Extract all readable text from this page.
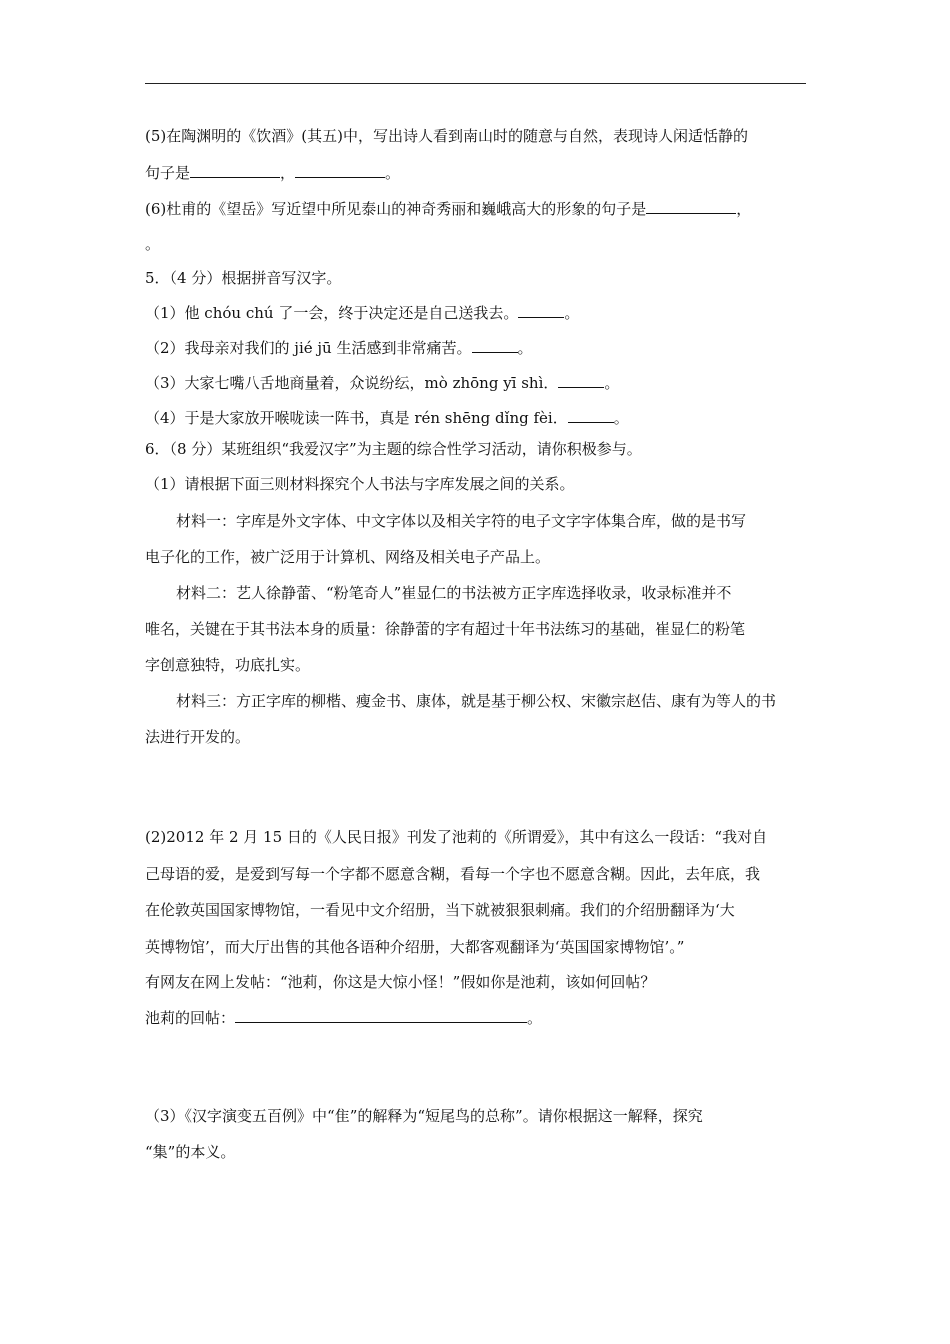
(5)在陶渊明的《饮酒》(其五)中，写出诗人看到南山时的随意与自然，表现诗人闲适恬静的
句子是	，	。
(6)杜甫的《望岳》写近望中所见泰山的神奇秀丽和巍峨高大的形象的句子是	，
。
5．（4 分）根据拼音写汉字。
（1）他 chóu chú 了一会，终于决定还是自己送我去。	。
（2）我母亲对我们的 jié jū 生活感到非常痛苦。	。
（3）大家七嘴八舌地商量着，众说纷纭，mò zhōng yī shì．	。
（4）于是大家放开喉咙读一阵书，真是 rén shēng dǐng fèi．	。
6．（8 分）某班组织“我爱汉字”为主题的综合性学习活动，请你积极参与。
（1）请根据下面三则材料探究个人书法与字库发展之间的关系。
材料一：字库是外文字体、中文字体以及相关字符的电子文字字体集合库，做的是书写
电子化的工作，被广泛用于计算机、网络及相关电子产品上。
材料二：艺人徐静蕾、“粉笔奇人”崔显仁的书法被方正字库选择收录，收录标准并不
唯名，关键在于其书法本身的质量：徐静蕾的字有超过十年书法练习的基础，崔显仁的粉笔
字创意独特，功底扎实。
材料三：方正字库的柳楷、瘦金书、康体，就是基于柳公权、宋徽宗赵佶、康有为等人的书
法进行开发的。
(2)2012 年 2 月 15 日的《人民日报》刊发了池莉的《所谓爱》，其中有这么一段话：“我对自
己母语的爱，是爱到写每一个字都不愿意含糊，看每一个字也不愿意含糊。因此，去年底，我
在伦敦英国国家博物馆，一看见中文介绍册，当下就被狠狠刺痛。我们的介绍册翻译为‘大
英博物馆’，而大厅出售的其他各语种介绍册，大都客观翻译为‘英国国家博物馆’。”
有网友在网上发帖：“池莉，你这是大惊小怪！”假如你是池莉，该如何回帖？
池莉的回帖：	。
（3）《汉字演变五百例》中“隹”的解释为“短尾鸟的总称”。请你根据这一解释，探究
“集”的本义。
